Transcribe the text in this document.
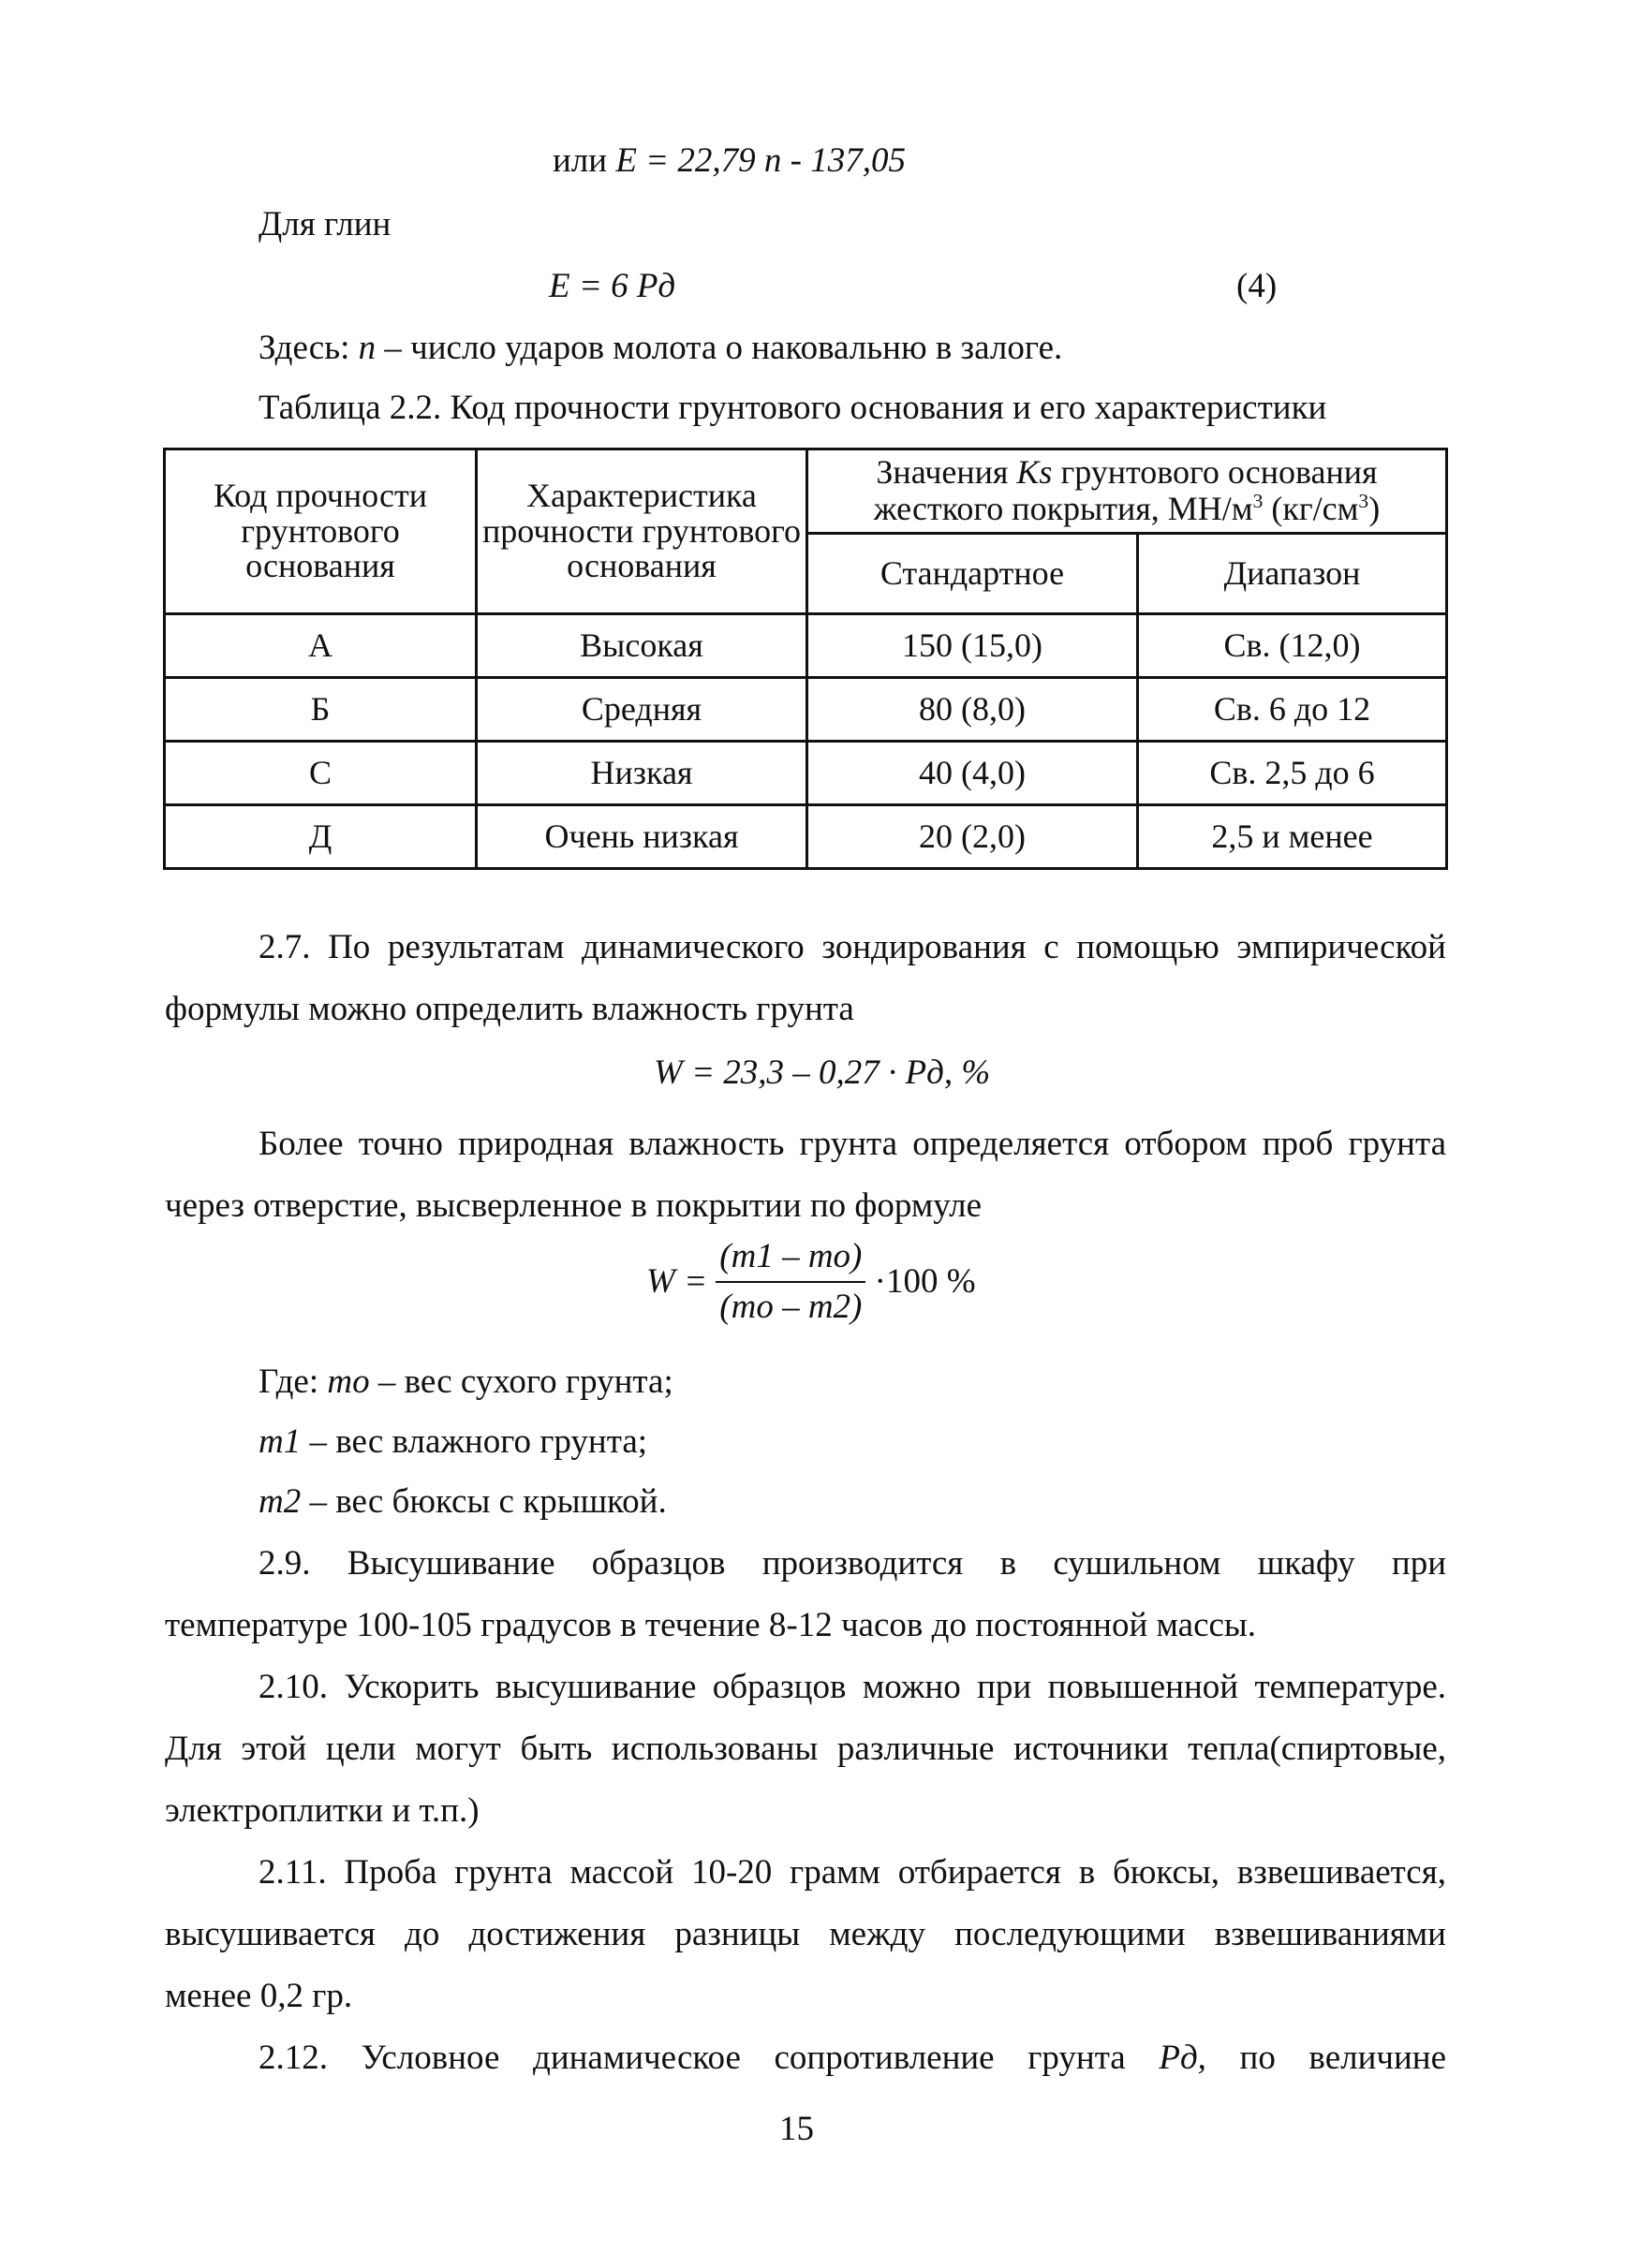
или E = 22,79 n - 137,05
Для глин
E = 6 Pд	(4)
Здесь: n – число ударов молота о наковальню в залоге.
Таблица 2.2. Код прочности грунтового основания и его характеристики
Код прочности грунтового основания	Характеристика прочности грунтового основания	Значения Ks грунтового основания жесткого покрытия, $МН/м^3$ $(кг/см^3)$	
		Стандартное	Диапазон
А	Высокая	150 (15,0)	Св. (12,0)
Б	Средняя	80 (8,0)	Св. 6 до 12
С	Низкая	40 (4,0)	Св. 2,5 до 6
Д	Очень низкая	20 (2,0)	2,5 и менее
2.7. По результатам динамического зондирования с помощью эмпирической
формулы можно определить влажность грунта
W = 23,3 – 0,27 · Pд, %
Более точно природная влажность грунта определяется отбором проб грунта
через отверстие, высверленное в покрытии по формуле
$W = \frac{(m1 - mo)}{(mo - m2)} \cdot 100$ %
Где: mo – вес сухого грунта;
m1 – вес влажного грунта;
m2 – вес бюксы с крышкой.
2.9. Высушивание образцов производится в сушильном шкафу при
температуре 100-105 градусов в течение 8-12 часов до постоянной массы.
2.10. Ускорить высушивание образцов можно при повышенной температуре.
Для этой цели могут быть использованы различные источники тепла(спиртовые,
электроплитки и т.п.)
2.11. Проба грунта массой 10-20 грамм отбирается в бюксы, взвешивается,
высушивается до достижения разницы между последующими взвешиваниями
менее 0,2 гр.
2.12. Условное динамическое сопротивление грунта Pд, по величине
15
